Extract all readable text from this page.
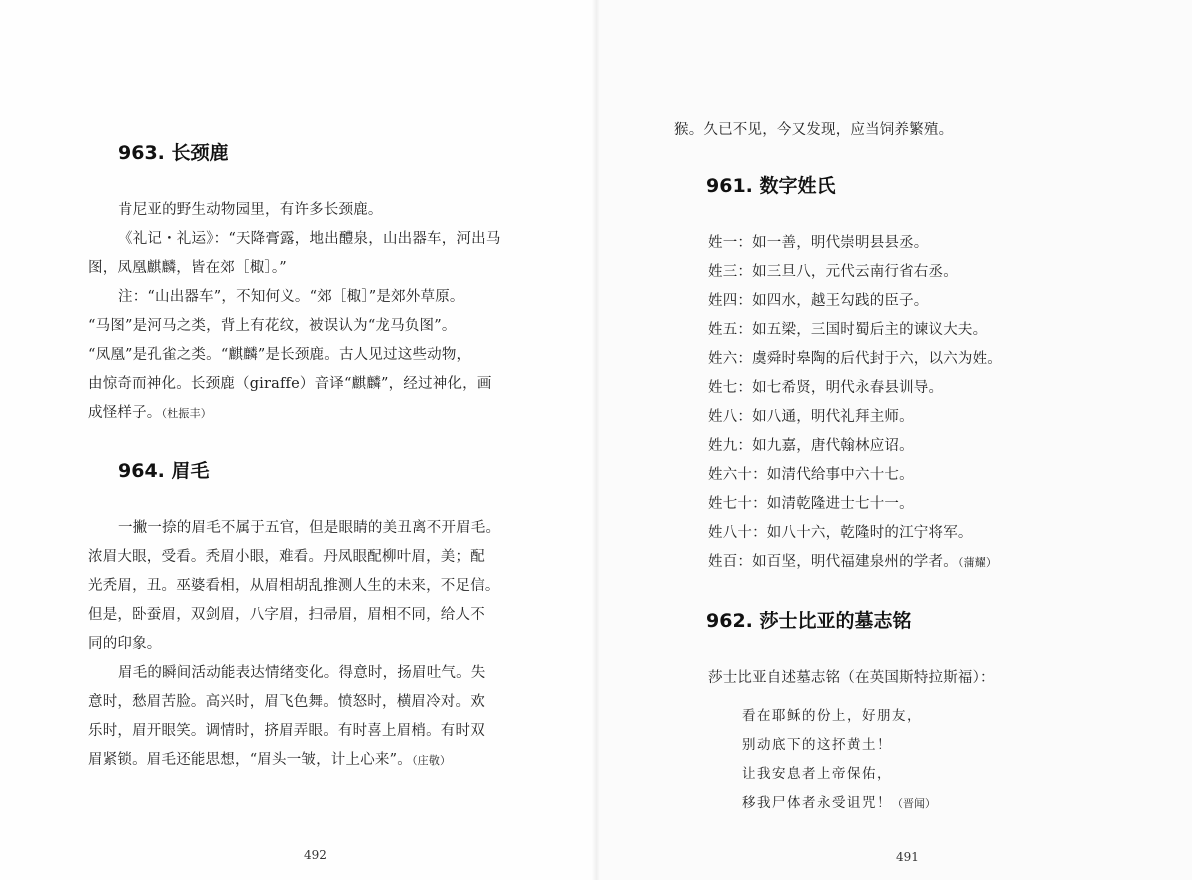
963. 长颈鹿
肯尼亚的野生动物园里，有许多长颈鹿。
《礼记・礼运》：“天降膏露，地出醴泉，山出器车，河出马
图，凤凰麒麟，皆在郊［棷］。”
注：“山出器车”，不知何义。“郊［棷］”是郊外草原。
“马图”是河马之类，背上有花纹，被误认为“龙马负图”。
“凤凰”是孔雀之类。“麒麟”是长颈鹿。古人见过这些动物，
由惊奇而神化。长颈鹿（giraffe）音译“麒麟”，经过神化，画
成怪样子。（杜振丰）
964. 眉毛
一撇一捺的眉毛不属于五官，但是眼睛的美丑离不开眉毛。
浓眉大眼，受看。秃眉小眼，难看。丹凤眼配柳叶眉，美；配
光秃眉，丑。巫婆看相，从眉相胡乱推测人生的未来，不足信。
但是，卧蚕眉，双剑眉，八字眉，扫帚眉，眉相不同，给人不
同的印象。
眉毛的瞬间活动能表达情绪变化。得意时，扬眉吐气。失
意时，愁眉苦脸。高兴时，眉飞色舞。愤怒时，横眉冷对。欢
乐时，眉开眼笑。调情时，挤眉弄眼。有时喜上眉梢。有时双
眉紧锁。眉毛还能思想，“眉头一皱，计上心来”。（庄敬）
492
猴。久已不见，今又发现，应当饲养繁殖。
961. 数字姓氏
姓一：如一善，明代崇明县县丞。
姓三：如三旦八，元代云南行省右丞。
姓四：如四水，越王勾践的臣子。
姓五：如五梁，三国时蜀后主的谏议大夫。
姓六：虞舜时皋陶的后代封于六，以六为姓。
姓七：如七希贤，明代永春县训导。
姓八：如八通，明代礼拜主师。
姓九：如九嘉，唐代翰林应诏。
姓六十：如清代给事中六十七。
姓七十：如清乾隆进士七十一。
姓八十：如八十六，乾隆时的江宁将军。
姓百：如百坚，明代福建泉州的学者。（蒲耀）
962. 莎士比亚的墓志铭
莎士比亚自述墓志铭（在英国斯特拉斯福）：
看在耶稣的份上，好朋友，
别动底下的这抔黄土！
让我安息者上帝保佑，
移我尸体者永受诅咒！（晋闻）
491
